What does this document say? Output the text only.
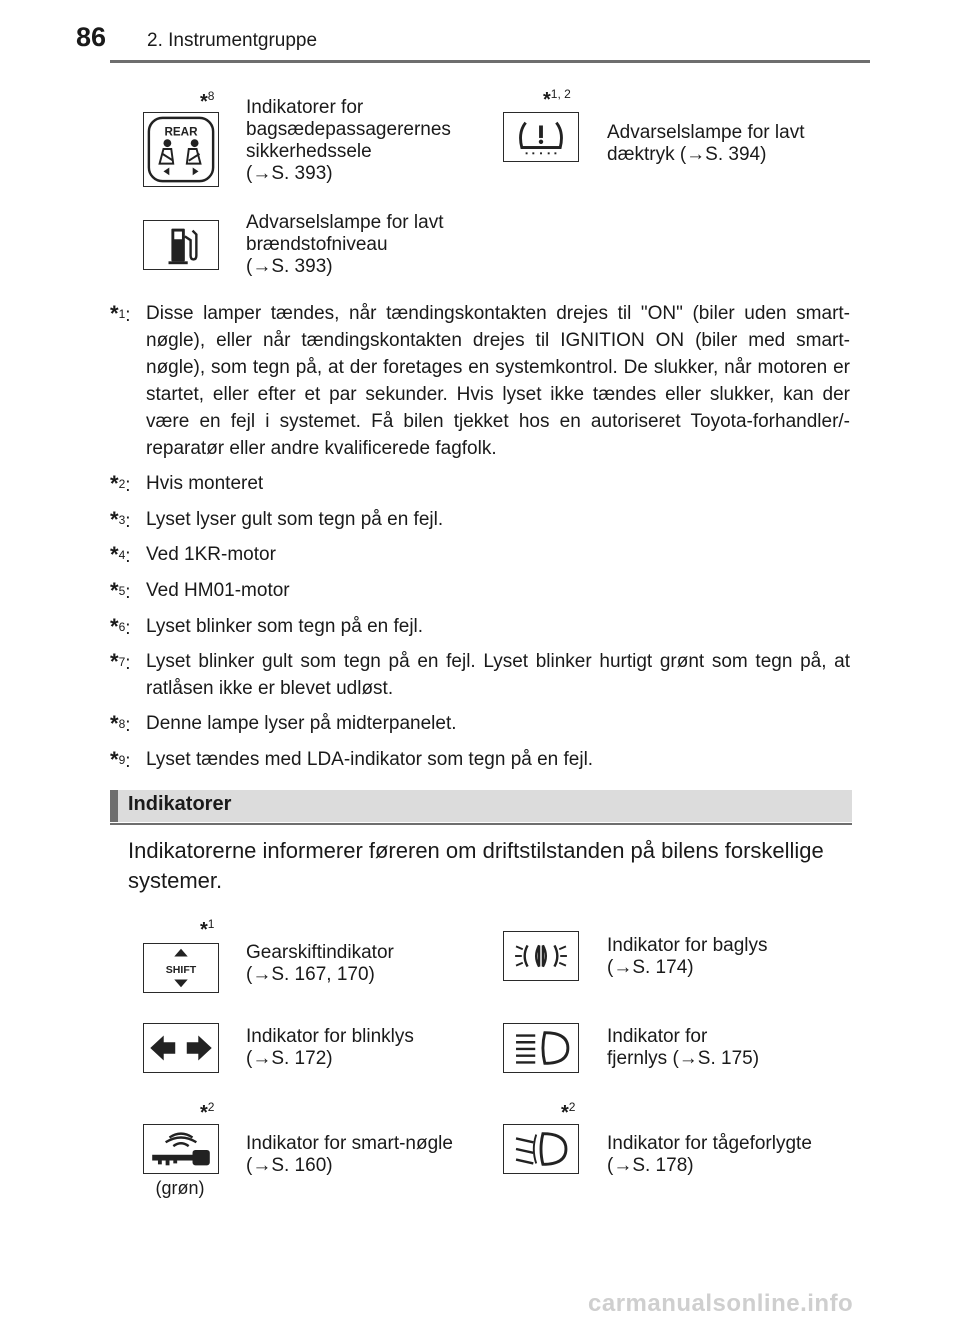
86 2. Instrumentgruppe
REAR
*$^8$
Indikatorer for
bagsædepassagerernes
sikkerhedssele
(→S. 393)
*$^{1, 2}$
Advarselslampe for lavt
dæktryk (→S. 394)
Advarselslampe for lavt
brændstofniveau
(→S. 393)
*$^1$: Disse lamper tændes, når tændingskontakten drejes til "ON" (biler uden smart-nøgle), eller når tændingskontakten drejes til IGNITION ON (biler med smart-nøgle), som tegn på, at der foretages en systemkontrol. De slukker, når motoren er startet, eller efter et par sekunder. Hvis lyset ikke tændes eller slukker, kan der være en fejl i systemet. Få bilen tjekket hos en autoriseret Toyota-forhandler/-reparatør eller andre kvalificerede fagfolk.
*$^2$: Hvis monteret
*$^3$: Lyset lyser gult som tegn på en fejl.
*$^4$: Ved 1KR-motor
*$^5$: Ved HM01-motor
*$^6$: Lyset blinker som tegn på en fejl.
*$^7$: Lyset blinker gult som tegn på en fejl. Lyset blinker hurtigt grønt som tegn på, at ratlåsen ikke er blevet udløst.
*$^8$: Denne lampe lyser på midterpanelet.
*$^9$: Lyset tændes med LDA-indikator som tegn på en fejl.
Indikatorer
Indikatorerne informerer føreren om driftstilstanden på bilens forskellige systemer.
SHIFT
*$^1$
Gearskiftindikator
(→S. 167, 170)
Indikator for baglys
(→S. 174)
Indikator for blinklys
(→S. 172)
Indikator for
fjernlys (→S. 175)
*$^2$
Indikator for smart-nøgle
(→S. 160)
(grøn)
*$^2$
Indikator for tågeforlygte
(→S. 178)
carmanualsonline.info
